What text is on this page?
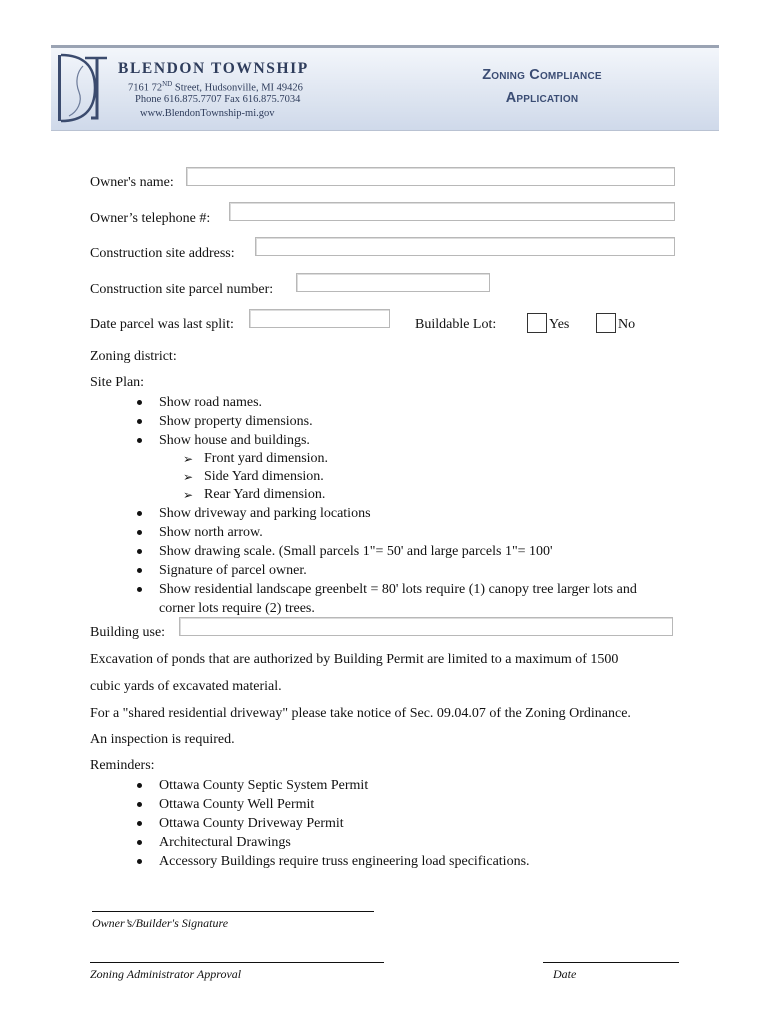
BLENDON TOWNSHIP
7161 72ND Street, Hudsonville, MI 49426
Phone 616.875.7707 Fax 616.875.7034
www.BlendonTownship-mi.gov
Zoning Compliance
Application
Owner's name:
Owner’s telephone #:
Construction site address:
Construction site parcel number:
Date parcel was last split:	Buildable Lot:	Yes	No
Zoning district:
Site Plan:
Show road names.
Show property dimensions.
Show house and buildings.
➢ Front yard dimension.
➢ Side Yard dimension.
➢ Rear Yard dimension.
Show driveway and parking locations
Show north arrow.
Show drawing scale. (Small parcels 1"= 50' and large parcels 1"= 100'
Signature of parcel owner.
Show residential landscape greenbelt = 80' lots require (1) canopy tree larger lots and
corner lots require (2) trees.
Building use:
Excavation of ponds that are authorized by Building Permit are limited to a maximum of 1500
cubic yards of excavated material.
For a "shared residential driveway" please take notice of Sec. 09.04.07 of the Zoning Ordinance.
An inspection is required.
Reminders:
Ottawa County Septic System Permit
Ottawa County Well Permit
Ottawa County Driveway Permit
Architectural Drawings
Accessory Buildings require truss engineering load specifications.
Owner’s/Builder's Signature
Zoning Administrator Approval	Date
